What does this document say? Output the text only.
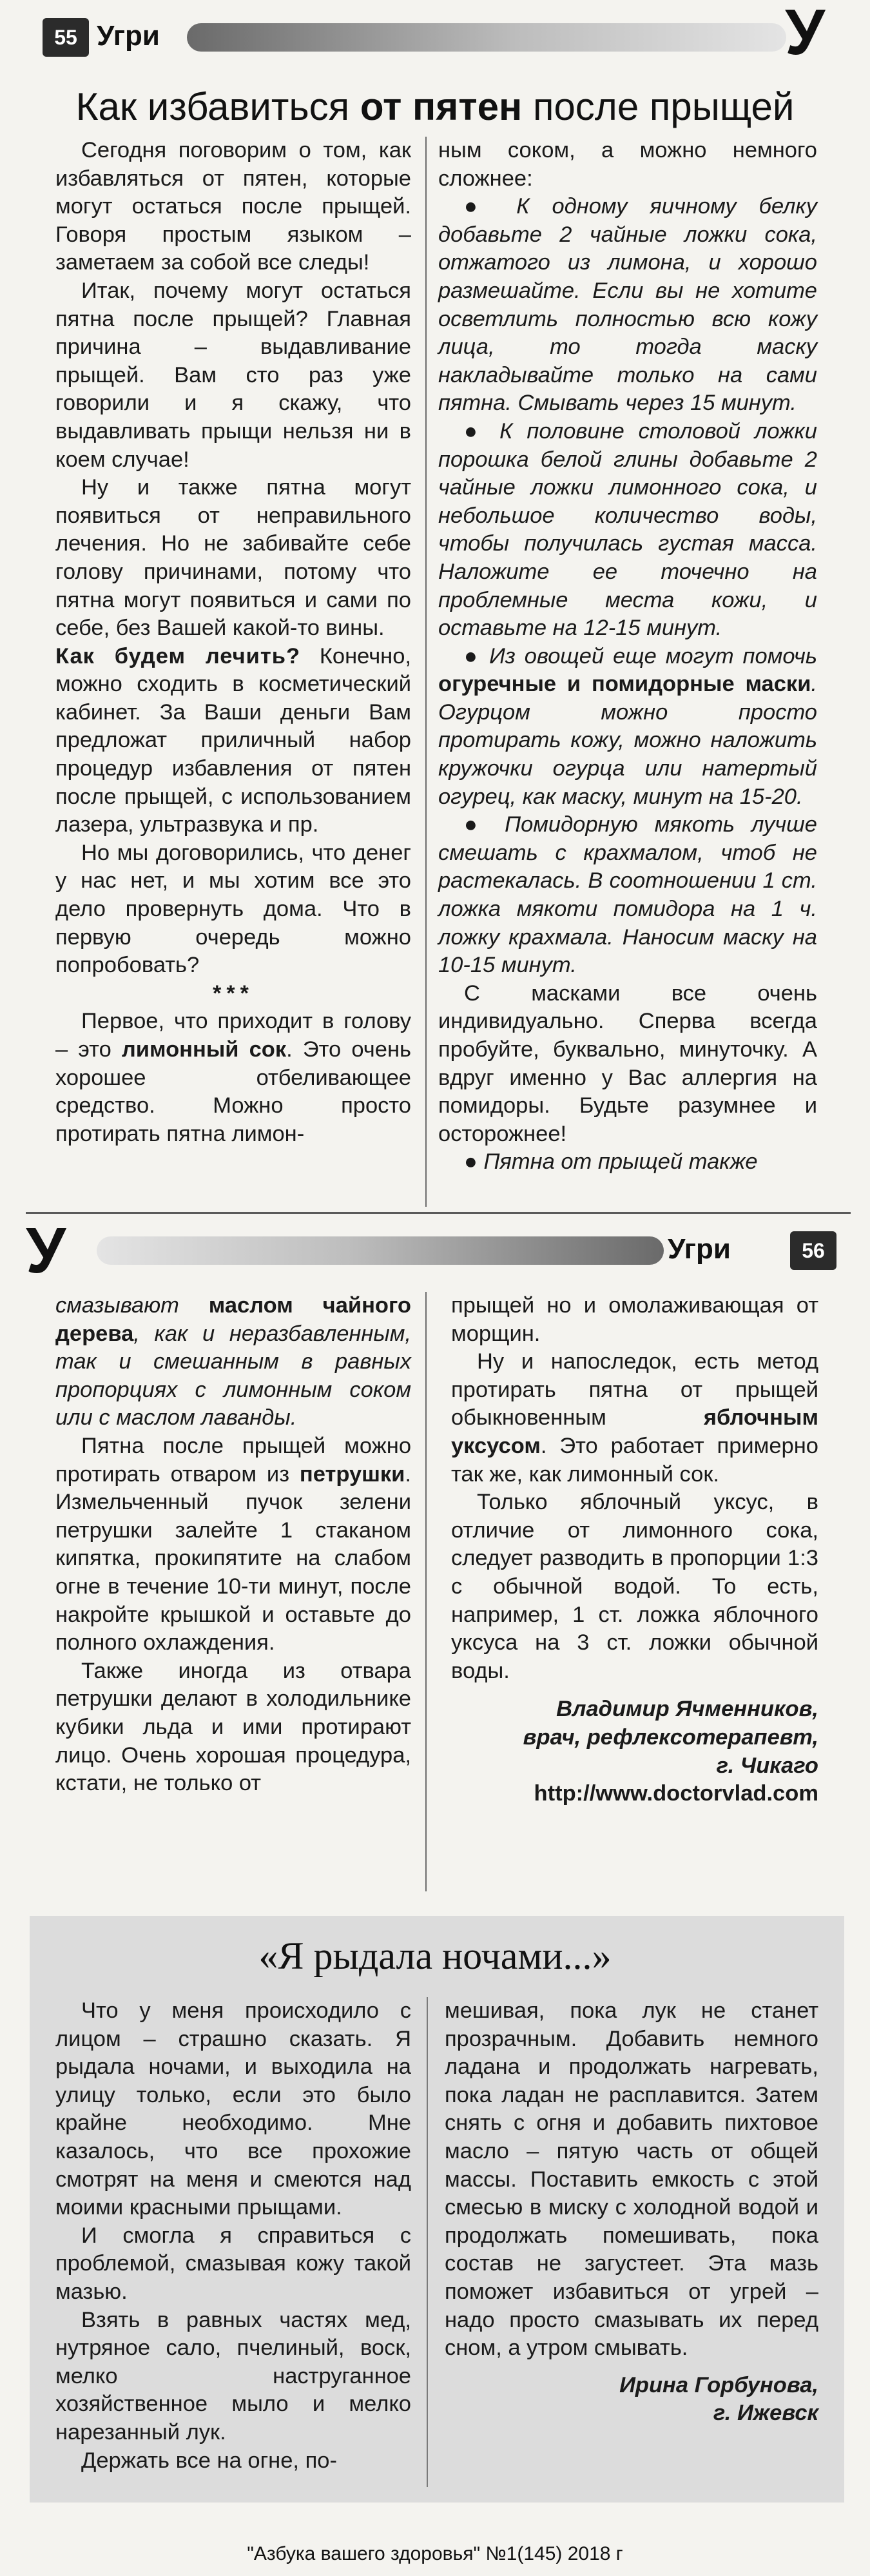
55 Угри	У
Как избавиться от пятен после прыщей

Сегодня поговорим о том, как избавляться от пятен, которые могут остаться после прыщей. Говоря простым языком – заметаем за собой все следы!

Итак, почему могут остаться пятна после прыщей? Главная причина – выдавливание прыщей. Вам сто раз уже говорили и я скажу, что выдавливать прыщи нельзя ни в коем случае!

Ну и также пятна могут появиться от неправильного лечения. Но не забивайте себе голову причинами, потому что пятна могут появиться и сами по себе, без Вашей какой-то вины.

Как будем лечить? Конечно, можно сходить в косметический кабинет. За Ваши деньги Вам предложат приличный набор процедур избавления от пятен после прыщей, с использованием лазера, ультразвука и пр.

Но мы договорились, что денег у нас нет, и мы хотим все это дело провернуть дома. Что в первую очередь можно попробовать?

***

Первое, что приходит в голову – это лимонный сок. Это очень хорошее отбеливающее средство. Можно просто протирать пятна лимон-

ным соком, а можно немного сложнее:

● К одному яичному белку добавьте 2 чайные ложки сока, отжатого из лимона, и хорошо размешайте. Если вы не хотите осветлить полностью всю кожу лица, то тогда маску накладывайте только на сами пятна. Смывать через 15 минут.

● К половине столовой ложки порошка белой глины добавьте 2 чайные ложки лимонного сока, и небольшое количество воды, чтобы получилась густая масса. Наложите ее точечно на проблемные места кожи, и оставьте на 12-15 минут.

● Из овощей еще могут помочь огуречные и помидорные маски. Огурцом можно просто протирать кожу, можно наложить кружочки огурца или натертый огурец, как маску, минут на 15-20.

● Помидорную мякоть лучше смешать с крахмалом, чтоб не растекалась. В соотношении 1 ст. ложка мякоти помидора на 1 ч. ложку крахмала. Наносим маску на 10-15 минут.

С масками все очень индивидуально. Сперва всегда пробуйте, буквально, минуточку. А вдруг именно у Вас аллергия на помидоры. Будьте разумнее и осторожнее!

● Пятна от прыщей также

У	Угри	56

смазывают маслом чайного дерева, как и неразбавленным, так и смешанным в равных пропорциях с лимонным соком или с маслом лаванды.

Пятна после прыщей можно протирать отваром из петрушки. Измельченный пучок зелени петрушки залейте 1 стаканом кипятка, прокипятите на слабом огне в течение 10-ти минут, после накройте крышкой и оставьте до полного охлаждения.

Также иногда из отвара петрушки делают в холодильнике кубики льда и ими протирают лицо. Очень хорошая процедура, кстати, не только от

прыщей но и омолаживающая от морщин.

Ну и напоследок, есть метод протирать пятна от прыщей обыкновенным яблочным уксусом. Это работает примерно так же, как лимонный сок.

Только яблочный уксус, в отличие от лимонного сока, следует разводить в пропорции 1:3 с обычной водой. То есть, например, 1 ст. ложка яблочного уксуса на 3 ст. ложки обычной воды.

Владимир Ячменников,

врач, рефлексотерапевт,

г. Чикаго

http://www.doctorvlad.com

«Я рыдала ночами...»

Что у меня происходило с лицом – страшно сказать. Я рыдала ночами, и выходила на улицу только, если это было крайне необходимо. Мне казалось, что все прохожие смотрят на меня и смеются над моими красными прыщами.

И смогла я справиться с проблемой, смазывая кожу такой мазью.

Взять в равных частях мед, нутряное сало, пчелиный, воск, мелко наструганное хозяйственное мыло и мелко нарезанный лук.

Держать все на огне, по-

мешивая, пока лук не станет прозрачным. Добавить немного ладана и продолжать нагревать, пока ладан не расплавится. Затем снять с огня и добавить пихтовое масло – пятую часть от общей массы. Поставить емкость с этой смесью в миску с холодной водой и продолжать помешивать, пока состав не загустеет. Эта мазь поможет избавиться от угрей – надо просто смазывать их перед сном, а утром смывать.

Ирина Горбунова,

г. Ижевск

"Азбука вашего здоровья" №1(145) 2018 г
